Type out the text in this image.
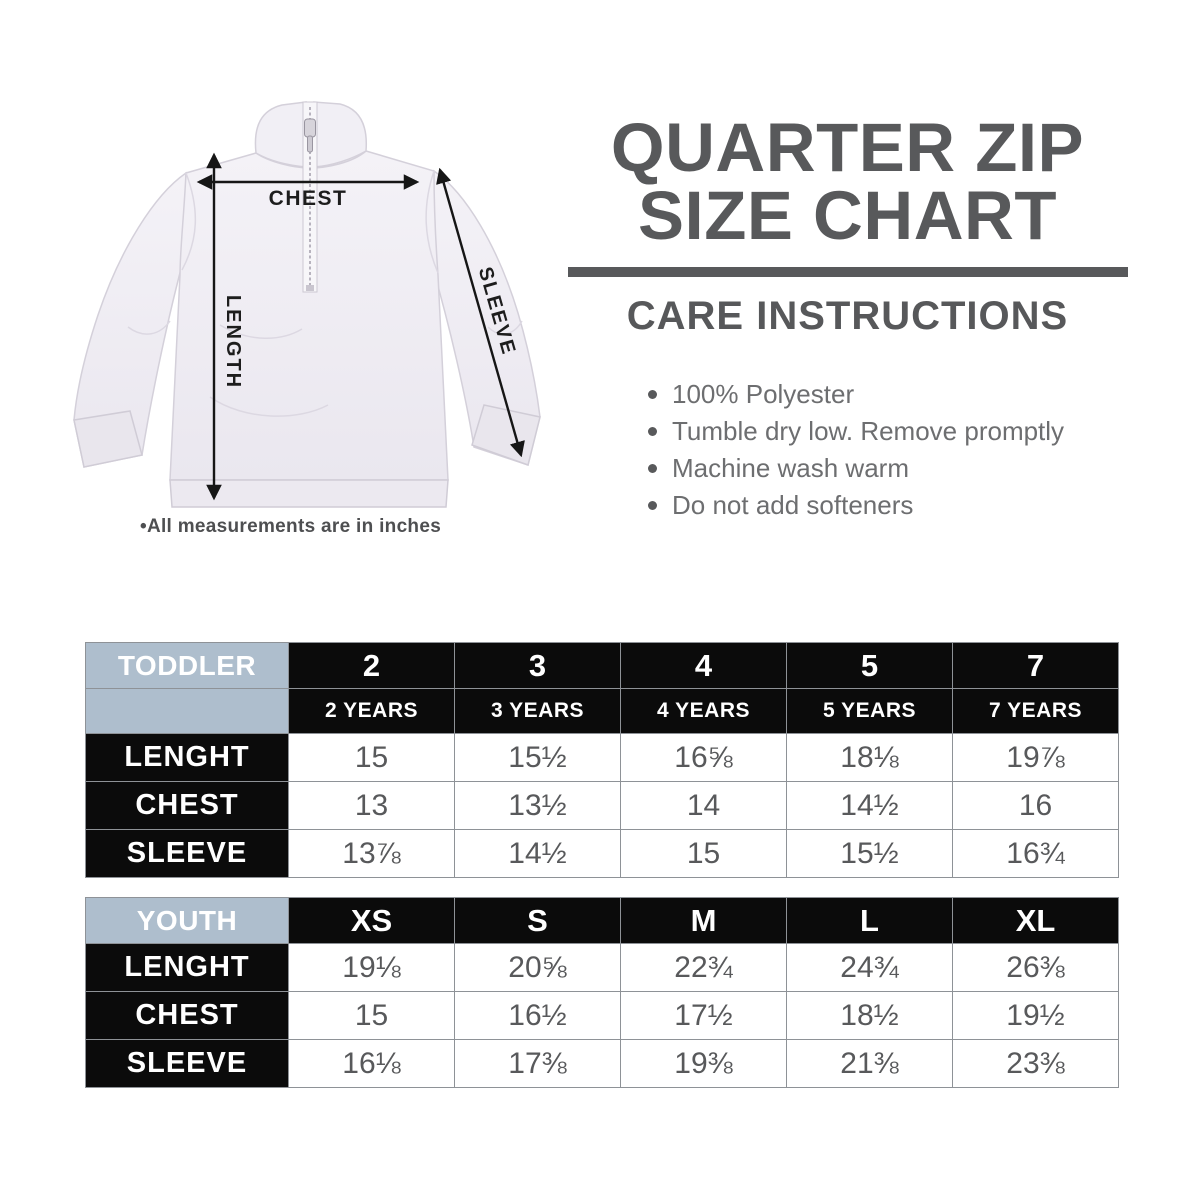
CHEST
LENGTH	SLEEVE
•All measurements are in inches
QUARTER ZIP
SIZE CHART
CARE INSTRUCTIONS
100% Polyester
Tumble dry low. Remove promptly
Machine wash warm
Do not add softeners
TODDLER	2	3	4	5	7
	2 YEARS	3 YEARS	4 YEARS	5 YEARS	7 YEARS
LENGHT	15	15½	16⅝	18⅛	19⅞
CHEST	13	13½	14	14½	16
SLEEVE	13⅞	14½	15	15½	16¾
YOUTH	XS	S	M	L	XL
LENGHT	19⅛	20⅝	22¾	24¾	26⅜
CHEST	15	16½	17½	18½	19½
SLEEVE	16⅛	17⅜	19⅜	21⅜	23⅜
